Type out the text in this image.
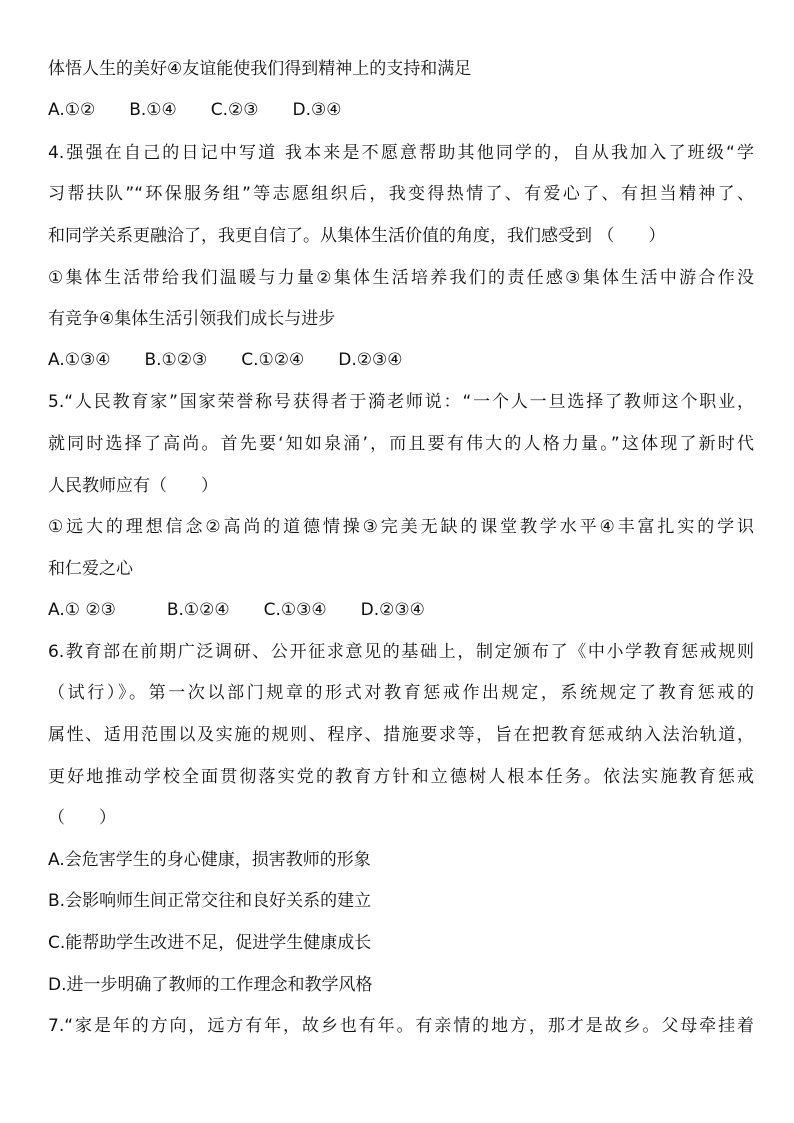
体悟人生的美好④友谊能使我们得到精神上的支持和满足
A.①②　　B.①④　　C.②③　　D.③④
4.强强在自己的日记中写道 我本来是不愿意帮助其他同学的，自从我加入了班级“学
习帮扶队”“环保服务组”等志愿组织后，我变得热情了、有爱心了、有担当精神了、
和同学关系更融洽了，我更自信了。从集体生活价值的角度，我们感受到 （　　）
①集体生活带给我们温暖与力量②集体生活培养我们的责任感③集体生活中游合作没
有竞争④集体生活引领我们成长与进步
A.①③④　　B.①②③　　C.①②④　　D.②③④
5.“人民教育家”国家荣誉称号获得者于漪老师说：“一个人一旦选择了教师这个职业，
就同时选择了高尚。首先要‘知如泉涌’，而且要有伟大的人格力量。”这体现了新时代
人民教师应有（　　）
①远大的理想信念②高尚的道德情操③完美无缺的课堂教学水平④丰富扎实的学识
和仁爱之心
A.① ②③　　　B.①②④　　C.①③④　　D.②③④
6.教育部在前期广泛调研、公开征求意见的基础上，制定颁布了《中小学教育惩戒规则
（试行）》。第一次以部门规章的形式对教育惩戒作出规定，系统规定了教育惩戒的
属性、适用范围以及实施的规则、程序、措施要求等，旨在把教育惩戒纳入法治轨道，
更好地推动学校全面贯彻落实党的教育方针和立德树人根本任务。依法实施教育惩戒
（　　）
A.会危害学生的身心健康，损害教师的形象
B.会影响师生间正常交往和良好关系的建立
C.能帮助学生改进不足，促进学生健康成长
D.进一步明确了教师的工作理念和教学风格
7.“家是年的方向，远方有年，故乡也有年。有亲情的地方，那才是故乡。父母牵挂着
